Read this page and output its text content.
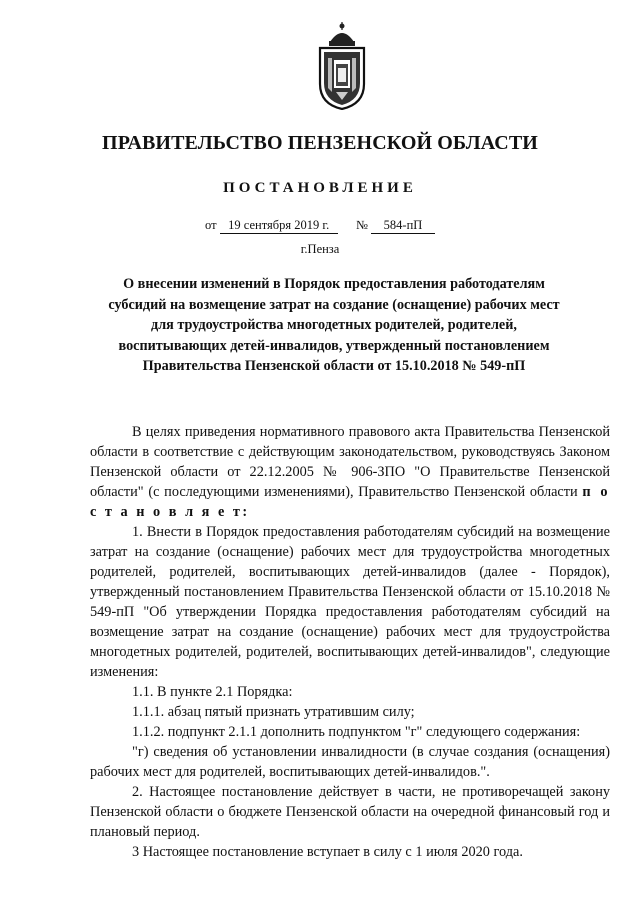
ПРАВИТЕЛЬСТВО ПЕНЗЕНСКОЙ ОБЛАСТИ
ПОСТАНОВЛЕНИЕ
от 19 сентября 2019 г. № 584-пП
г.Пенза
О внесении изменений в Порядок предоставления работодателям субсидий на возмещение затрат на создание (оснащение) рабочих мест для трудоустройства многодетных родителей, родителей, воспитывающих детей-инвалидов, утвержденный постановлением Правительства Пензенской области от 15.10.2018 № 549-пП

В целях приведения нормативного правового акта Правительства Пензенской области в соответствие с действующим законодательством, руководствуясь Законом Пензенской области от 22.12.2005 № 906-ЗПО "О Правительстве Пензенской области" (с последующими изменениями), Правительство Пензенской области п о с т а н о в л я е т:

1. Внести в Порядок предоставления работодателям субсидий на возмещение затрат на создание (оснащение) рабочих мест для трудоустройства многодетных родителей, родителей, воспитывающих детей-инвалидов (далее - Порядок), утвержденный постановлением Правительства Пензенской области от 15.10.2018 № 549-пП "Об утверждении Порядка предоставления работодателям субсидий на возмещение затрат на создание (оснащение) рабочих мест для трудоустройства многодетных родителей, родителей, воспитывающих детей-инвалидов", следующие изменения:

1.1. В пункте 2.1 Порядка:

1.1.1. абзац пятый признать утратившим силу;

1.1.2. подпункт 2.1.1 дополнить подпунктом "г" следующего содержания:

"г) сведения об установлении инвалидности (в случае создания (оснащения) рабочих мест для родителей, воспитывающих детей-инвалидов.".

2. Настоящее постановление действует в части, не противоречащей закону Пензенской области о бюджете Пензенской области на очередной финансовый год и плановый период.

3 Настоящее постановление вступает в силу с 1 июля 2020 года.
